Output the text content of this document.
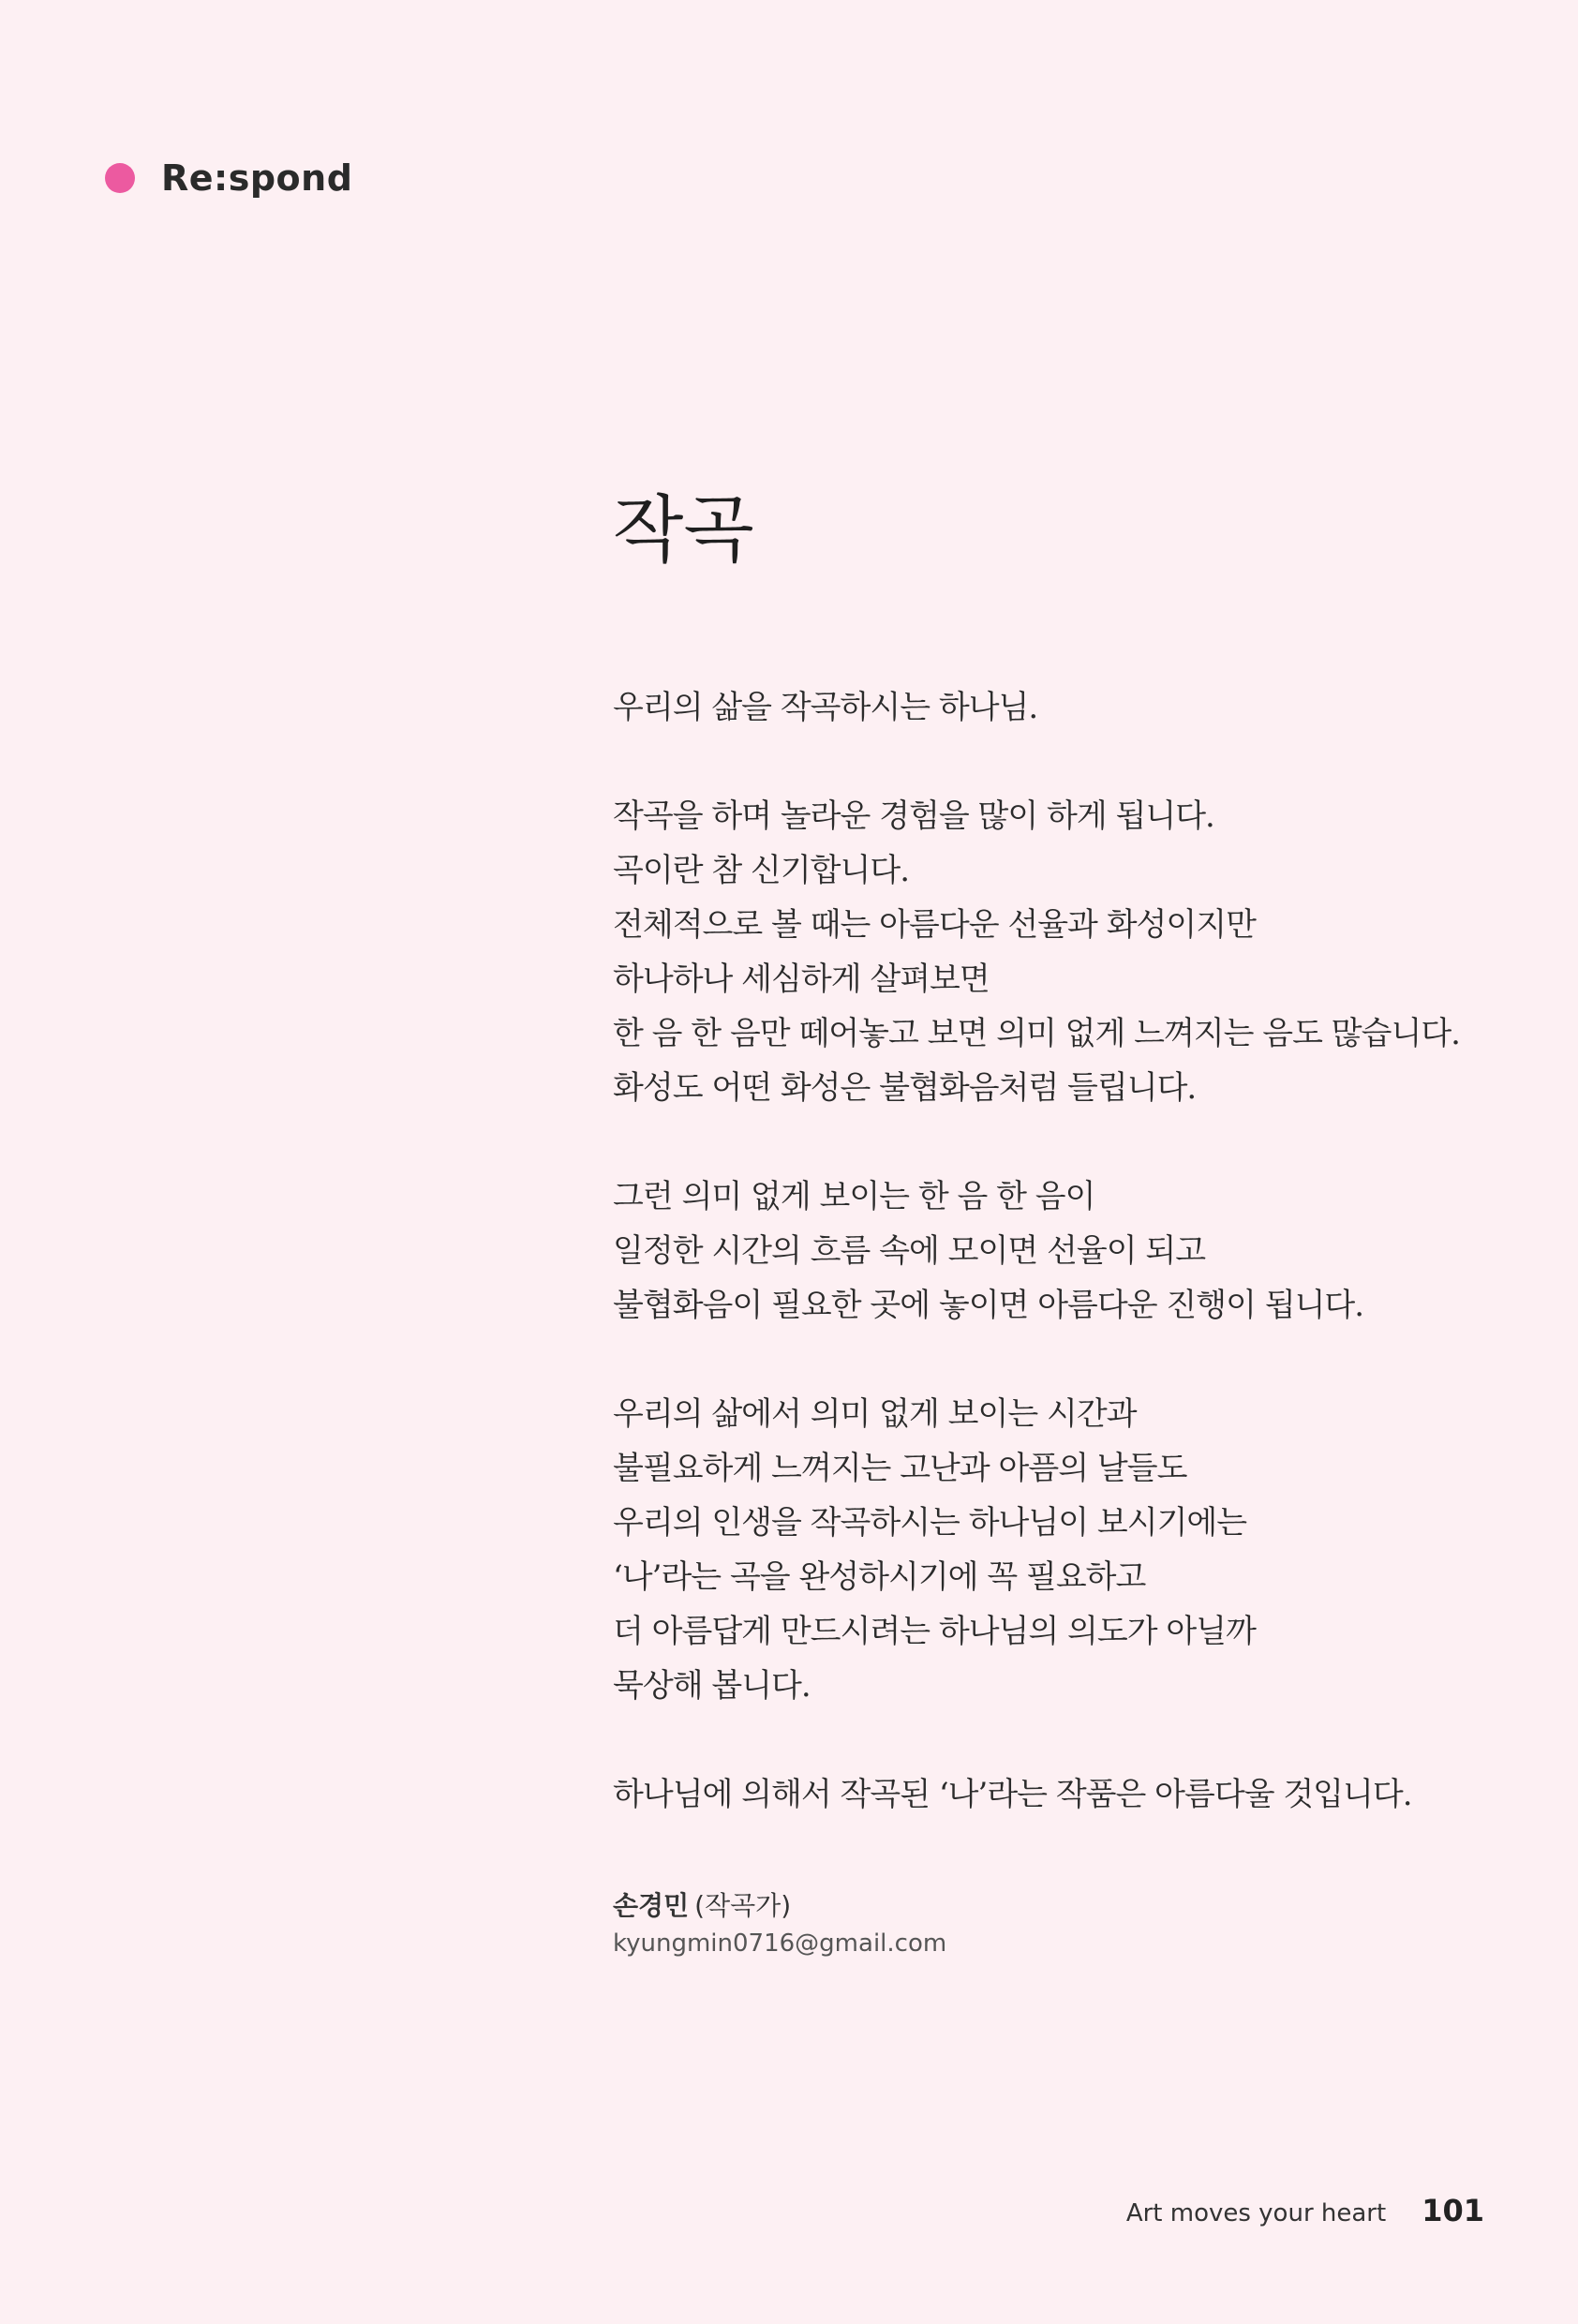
Re:spond
작곡
우리의 삶을 작곡하시는 하나님.
작곡을 하며 놀라운 경험을 많이 하게 됩니다.
곡이란 참 신기합니다.
전체적으로 볼 때는 아름다운 선율과 화성이지만
하나하나 세심하게 살펴보면
한 음 한 음만 떼어놓고 보면 의미 없게 느껴지는 음도 많습니다.
화성도 어떤 화성은 불협화음처럼 들립니다.
그런 의미 없게 보이는 한 음 한 음이
일정한 시간의 흐름 속에 모이면 선율이 되고
불협화음이 필요한 곳에 놓이면 아름다운 진행이 됩니다.
우리의 삶에서 의미 없게 보이는 시간과
불필요하게 느껴지는 고난과 아픔의 날들도
우리의 인생을 작곡하시는 하나님이 보시기에는
‘나’라는 곡을 완성하시기에 꼭 필요하고
더 아름답게 만드시려는 하나님의 의도가 아닐까
묵상해 봅니다.
하나님에 의해서 작곡된 ‘나’라는 작품은 아름다울 것입니다.
손경민 (작곡가)
kyungmin0716@gmail.com
Art moves your heart 101
